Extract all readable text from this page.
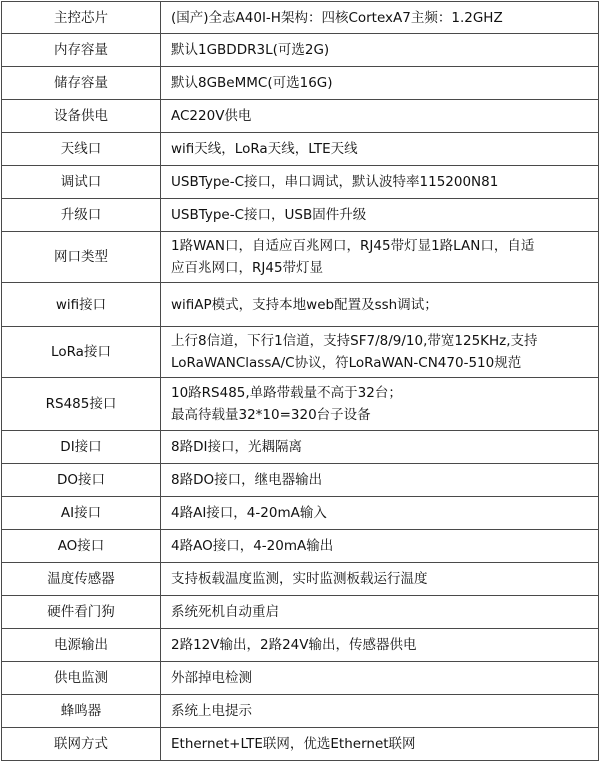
主控芯片	(国产)全志A40I-H架构：四核CortexA7主频：1.2GHZ

内存容量	默认1GBDDR3L(可选2G)

储存容量	默认8GBeMMC(可选16G)

设备供电	AC220V供电

天线口	wifi天线，LoRa天线，LTE天线

调试口	USBType-C接口，串口调试，默认波特率115200N81

升级口	USBType-C接口，USB固件升级

网口类型	1路WAN口，自适应百兆网口，RJ45带灯显1路LAN口，自适
应百兆网口，RJ45带灯显

wifi接口	wifiAP模式，支持本地web配置及ssh调试；

LoRa接口	上行8信道，下行1信道，支持SF7/8/9/10,带宽125KHz,支持
LoRaWANClassA/C协议，符LoRaWAN-CN470-510规范

RS485接口	10路RS485,单路带载量不高于32台；
最高待载量32*10=320台子设备

DI接口	8路DI接口，光耦隔离

DO接口	8路DO接口，继电器输出

AI接口	4路AI接口，4-20mA输入

AO接口	4路AO接口，4-20mA输出

温度传感器	支持板载温度监测，实时监测板载运行温度

硬件看门狗	系统死机自动重启

电源输出	2路12V输出，2路24V输出，传感器供电

供电监测	外部掉电检测

蜂鸣器	系统上电提示

联网方式	Ethernet+LTE联网，优选Ethernet联网
